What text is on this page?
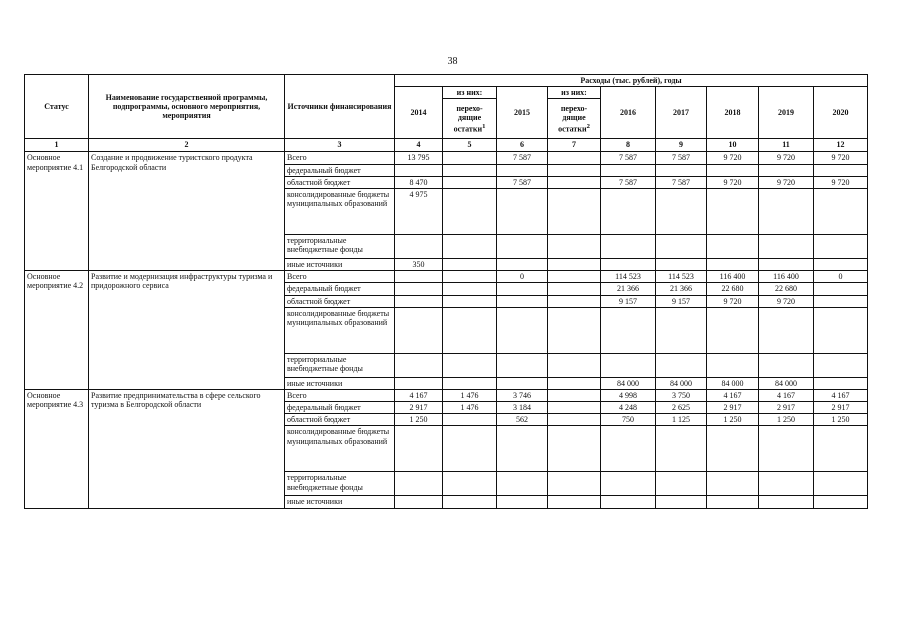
38
Статус	Наименование государственной программы, подпрограммы, основного мероприятия, мероприятия	Источники финансирования	Расходы (тыс. рублей), годы								
			2014	из них:	2015	из них:	2016	2017	2018	2019	2020
				перехо-дящие остатки$^1$		перехо-дящие остатки$^2$
1	2	3	4	5	6	7	8	9	10	11	12
Основное мероприятие 4.1	Создание и продвижение туристского продукта Белгородской области	Всего	13 795		7 587		7 587	7 587	9 720	9 720	9 720
		федеральный бюджет									
		областной бюджет	8 470		7 587		7 587	7 587	9 720	9 720	9 720
		консолидированные бюджеты муниципальных образований	4 975								
		территориальные внебюджетные фонды									
		иные источники	350								
Основное мероприятие 4.2	Развитие и модернизация инфраструктуры туризма и придорожного сервиса	Всего			0		114 523	114 523	116 400	116 400	0
		федеральный бюджет					21 366	21 366	22 680	22 680	
		областной бюджет					9 157	9 157	9 720	9 720	
		консолидированные бюджеты муниципальных образований									
		территориальные внебюджетные фонды									
		иные источники					84 000	84 000	84 000	84 000	
Основное мероприятие 4.3	Развитие предпринимательства в сфере сельского туризма в Белгородской области	Всего	4 167	1 476	3 746		4 998	3 750	4 167	4 167	4 167
		федеральный бюджет	2 917	1 476	3 184		4 248	2 625	2 917	2 917	2 917
		областной бюджет	1 250		562		750	1 125	1 250	1 250	1 250
		консолидированные бюджеты муниципальных образований									
		территориальные внебюджетные фонды									
		иные источники									
